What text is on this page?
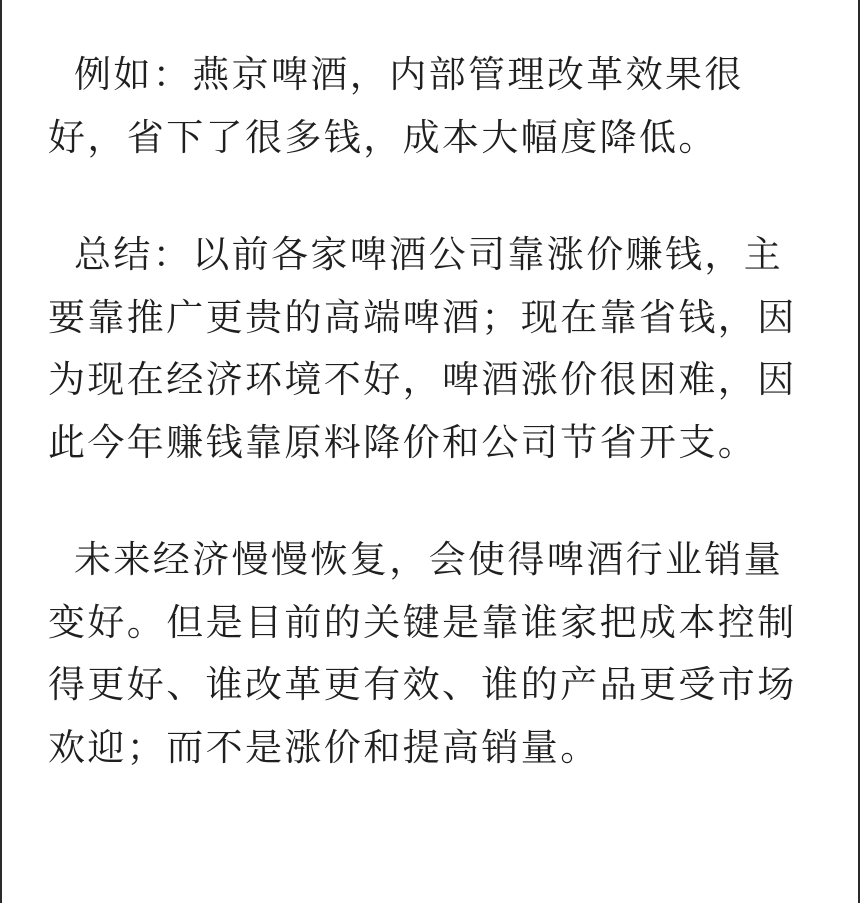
例如：燕京啤酒，内部管理改革效果很好，省下了很多钱，成本大幅度降低。

总结：以前各家啤酒公司靠涨价赚钱，主要靠推广更贵的高端啤酒；现在靠省钱，因为现在经济环境不好，啤酒涨价很困难，因此今年赚钱靠原料降价和公司节省开支。

未来经济慢慢恢复，会使得啤酒行业销量变好。但是目前的关键是靠谁家把成本控制得更好、谁改革更有效、谁的产品更受市场欢迎；而不是涨价和提高销量。
